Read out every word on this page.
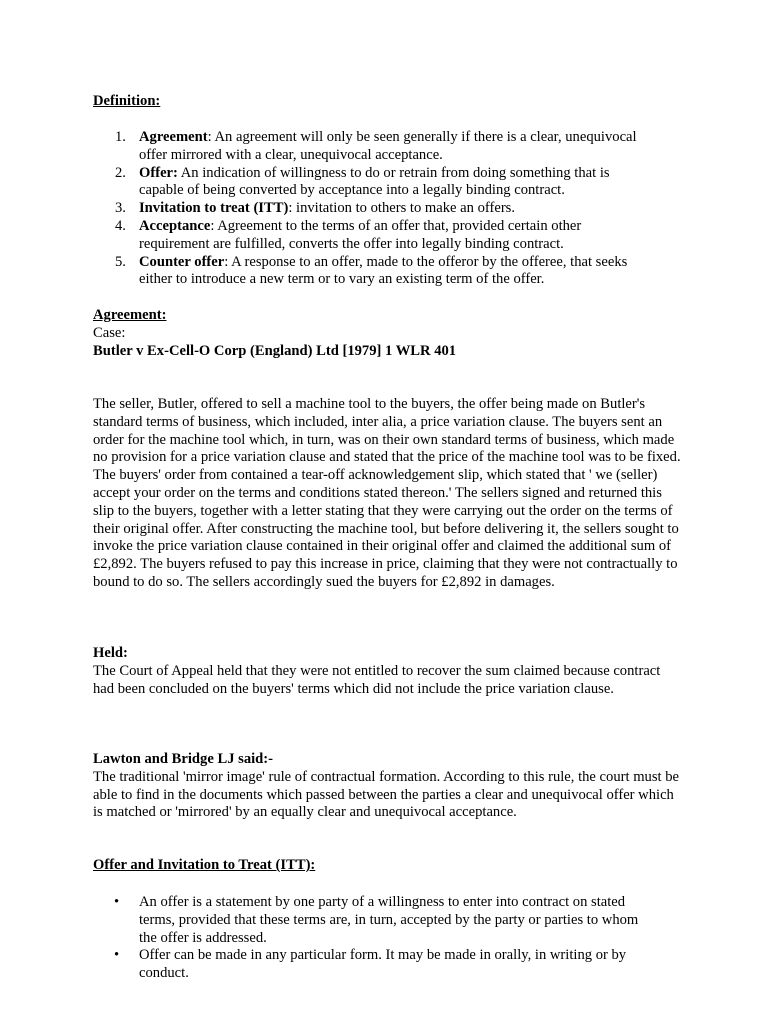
Definition:
1. Agreement: An agreement will only be seen generally if there is a clear, unequivocal offer mirrored with a clear, unequivocal acceptance.
2. Offer: An indication of willingness to do or retrain from doing something that is capable of being converted by acceptance into a legally binding contract.
3. Invitation to treat (ITT): invitation to others to make an offers.
4. Acceptance: Agreement to the terms of an offer that, provided certain other requirement are fulfilled, converts the offer into legally binding contract.
5. Counter offer: A response to an offer, made to the offeror by the offeree, that seeks either to introduce a new term or to vary an existing term of the offer.
Agreement:
Case:
Butler v Ex-Cell-O Corp (England) Ltd [1979] 1 WLR 401

The seller, Butler, offered to sell a machine tool to the buyers, the offer being made on Butler's standard terms of business, which included, inter alia, a price variation clause. The buyers sent an order for the machine tool which, in turn, was on their own standard terms of business, which made no provision for a price variation clause and stated that the price of the machine tool was to be fixed. The buyers' order from contained a tear-off acknowledgement slip, which stated that ' we (seller) accept your order on the terms and conditions stated thereon.' The sellers signed and returned this slip to the buyers, together with a letter stating that they were carrying out the order on the terms of their original offer. After constructing the machine tool, but before delivering it, the sellers sought to invoke the price variation clause contained in their original offer and claimed the additional sum of £2,892. The buyers refused to pay this increase in price, claiming that they were not contractually to bound to do so. The sellers accordingly sued the buyers for £2,892 in damages.

Held:

The Court of Appeal held that they were not entitled to recover the sum claimed because contract had been concluded on the buyers' terms which did not include the price variation clause.

Lawton and Bridge LJ said:-

The traditional 'mirror image' rule of contractual formation. According to this rule, the court must be able to find in the documents which passed between the parties a clear and unequivocal offer which is matched or 'mirrored' by an equally clear and unequivocal acceptance.

Offer and Invitation to Treat (ITT):
• An offer is a statement by one party of a willingness to enter into contract on stated terms, provided that these terms are, in turn, accepted by the party or parties to whom the offer is addressed.
• Offer can be made in any particular form. It may be made in orally, in writing or by conduct.
